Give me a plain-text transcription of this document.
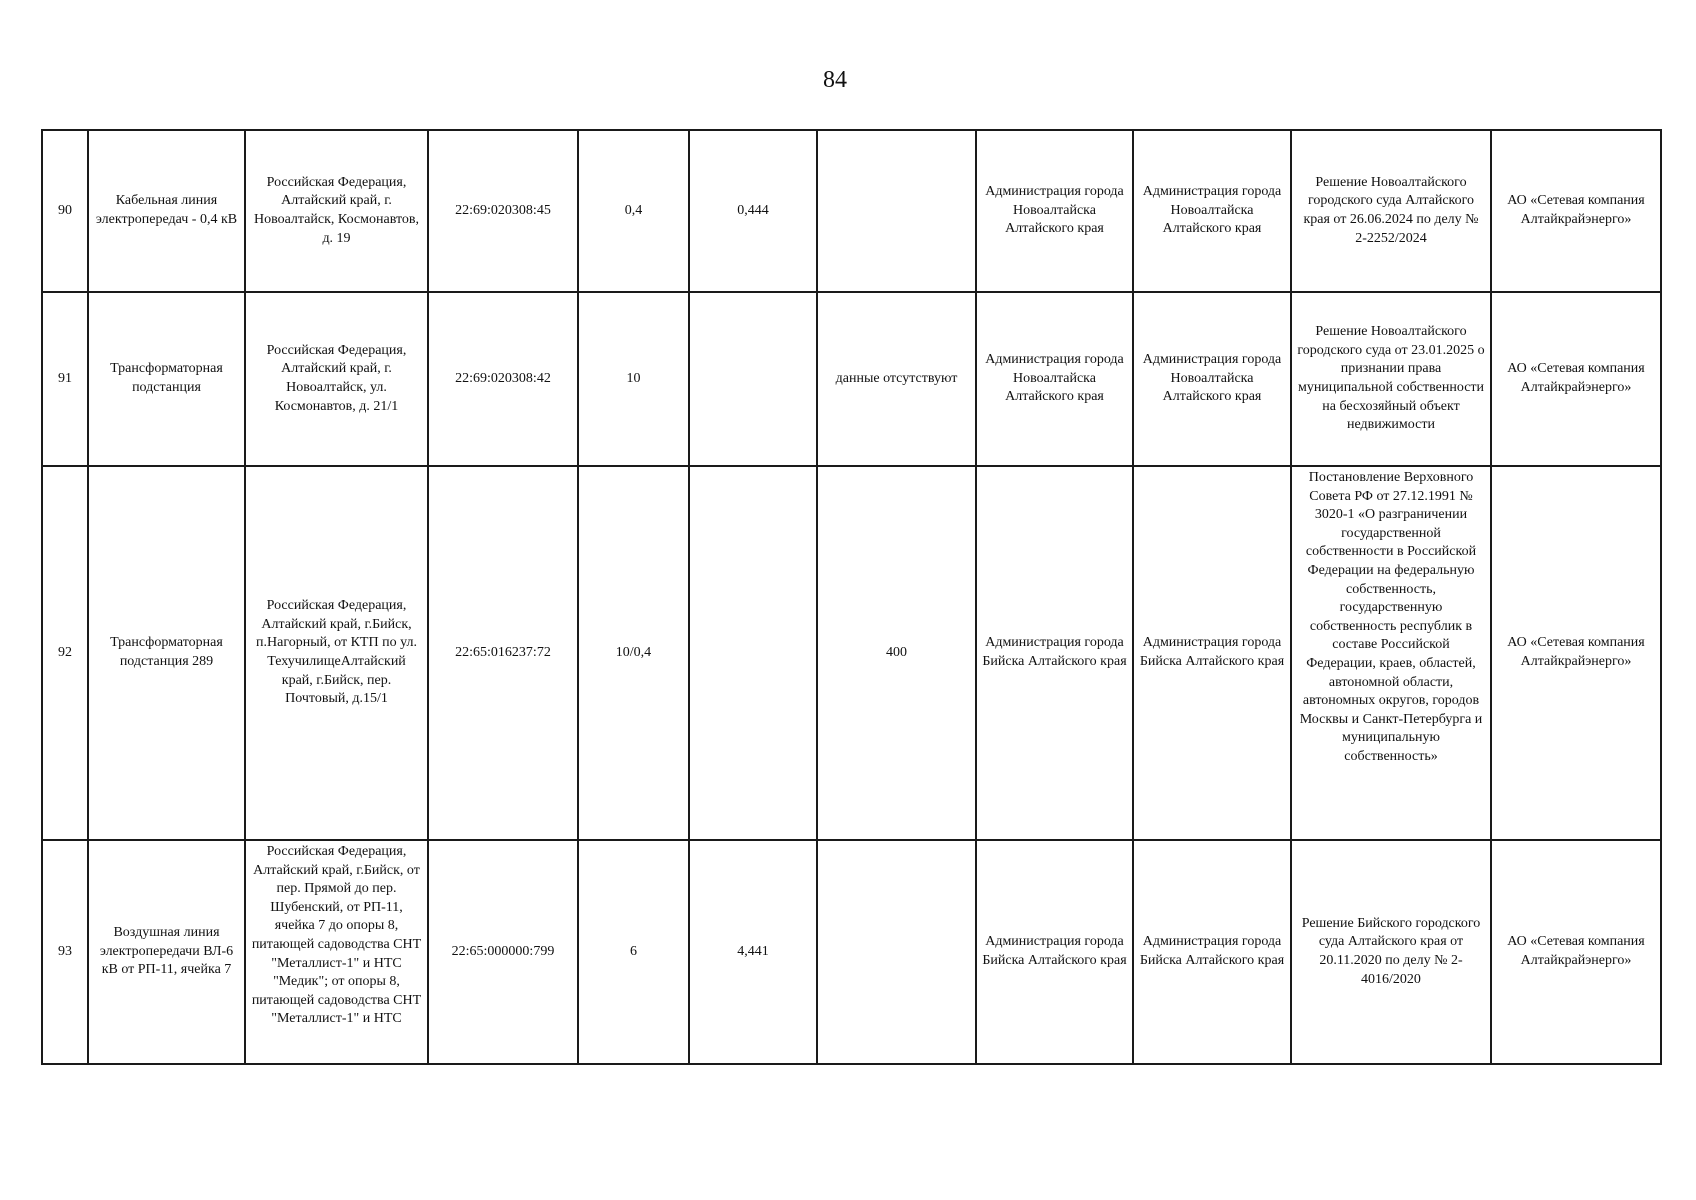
84
90	Кабельная линия электропередач - 0,4 кВ	Российская Федерация, Алтайский край, г. Новоалтайск, Космонавтов, д. 19	22:69:020308:45	0,4	0,444		Администрация города Новоалтайска Алтайского края	Администрация города Новоалтайска Алтайского края	Решение Новоалтайского городского суда Алтайского края от 26.06.2024 по делу № 2-2252/2024	АО «Сетевая компания Алтайкрайэнерго»
91	Трансформаторная подстанция	Российская Федерация, Алтайский край, г. Новоалтайск, ул. Космонавтов, д. 21/1	22:69:020308:42	10		данные отсутствуют	Администрация города Новоалтайска Алтайского края	Администрация города Новоалтайска Алтайского края	Решение Новоалтайского городского суда от 23.01.2025 о признании права муниципальной собственности на бесхозяйный объект недвижимости	АО «Сетевая компания Алтайкрайэнерго»
92	Трансформаторная подстанция 289	Российская Федерация, Алтайский край, г.Бийск, п.Нагорный, от КТП по ул. ТехучилищеАлтайский край, г.Бийск, пер. Почтовый, д.15/1	22:65:016237:72	10/0,4		400	Администрация города Бийска Алтайского края	Администрация города Бийска Алтайского края	Постановление Верховного Совета РФ от 27.12.1991 № 3020-1 «О разграничении государственной собственности в Российской Федерации на федеральную собственность, государственную собственность республик в составе Российской Федерации, краев, областей, автономной области, автономных округов, городов Москвы и Санкт-Петербурга и муниципальную собственность»	АО «Сетевая компания Алтайкрайэнерго»
93	Воздушная линия электропередачи ВЛ-6 кВ от РП-11, ячейка 7	Российская Федерация, Алтайский край, г.Бийск, от пер. Прямой до пер. Шубенский, от РП-11, ячейка 7 до опоры 8, питающей садоводства СНТ "Металлист-1" и НТС "Медик"; от опоры 8, питающей садоводства СНТ "Металлист-1" и НТС	22:65:000000:799	6	4,441		Администрация города Бийска Алтайского края	Администрация города Бийска Алтайского края	Решение Бийского городского суда Алтайского края от 20.11.2020 по делу № 2-4016/2020	АО «Сетевая компания Алтайкрайэнерго»
